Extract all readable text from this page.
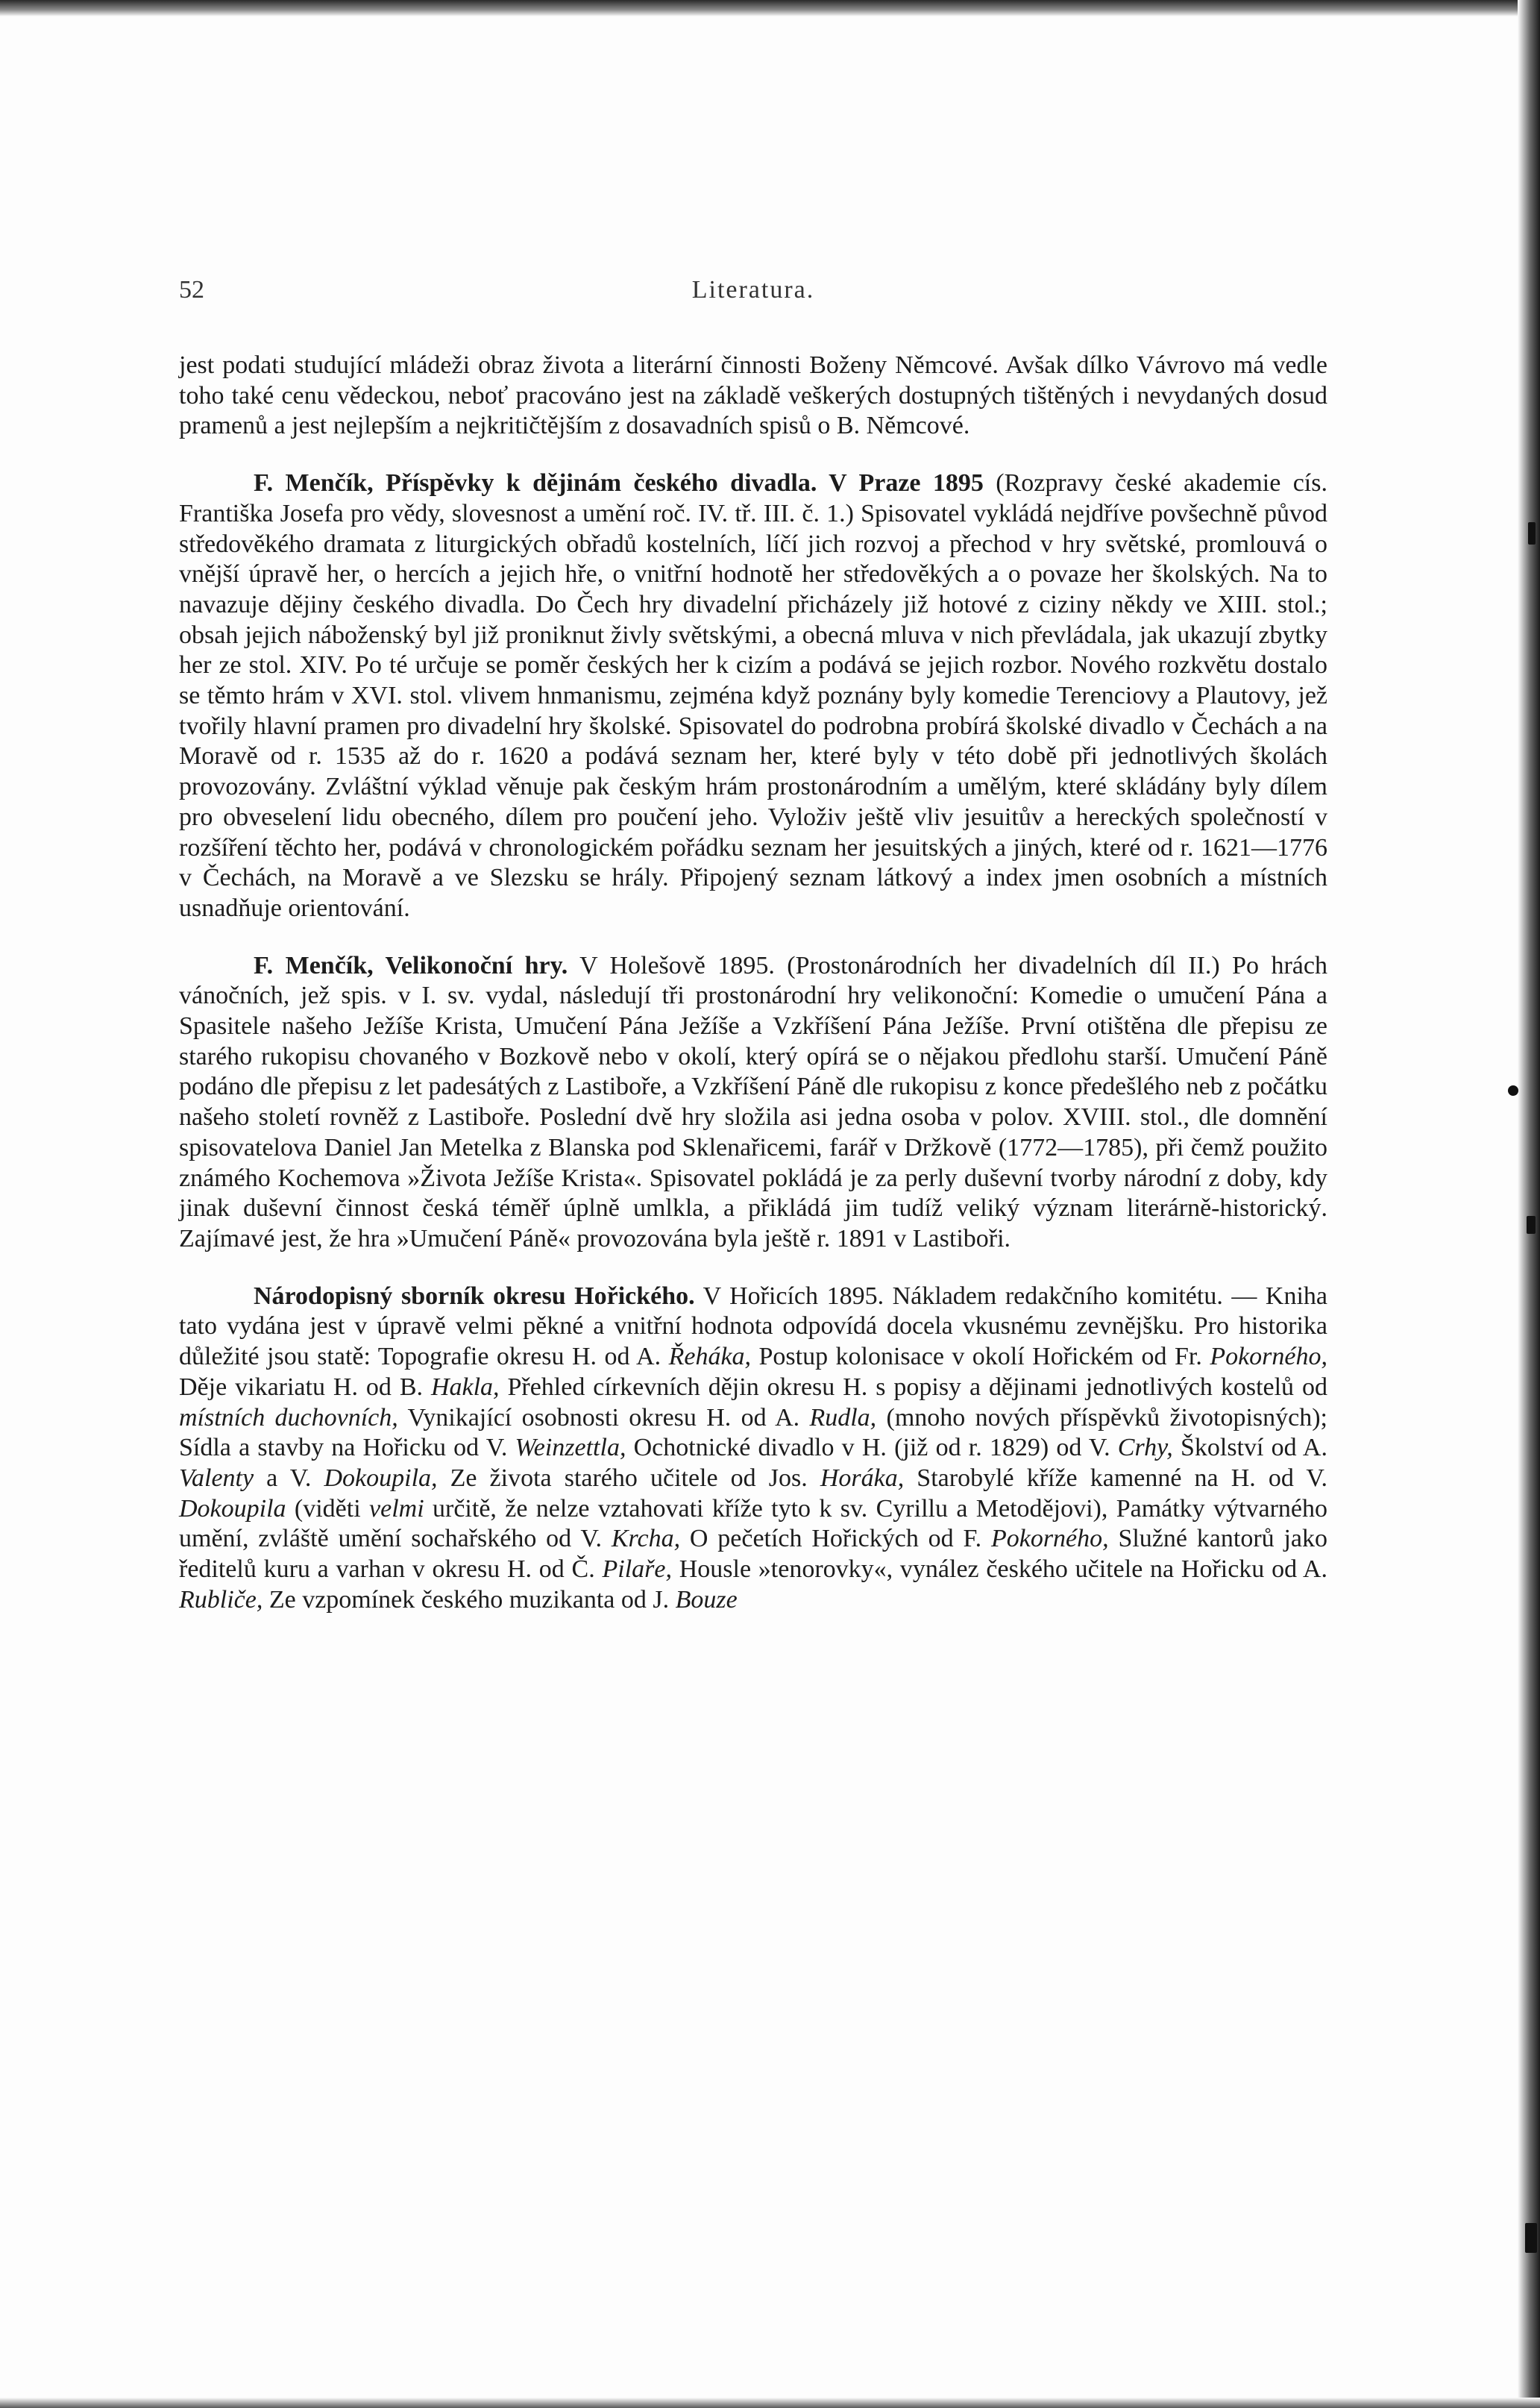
52	Literatura.

jest podati studující mládeži obraz života a literární činnosti Boženy Němcové. Avšak dílko Vávrovo má vedle toho také cenu vědeckou, neboť pracováno jest na základě veškerých dostupných tištěných i nevydaných dosud pramenů a jest nejlepším a nejkritičtějším z dosavadních spisů o B. Němcové.

F. Menčík, Příspěvky k dějinám českého divadla. V Praze 1895 (Rozpravy české akademie cís. Františka Josefa pro vědy, slovesnost a umění roč. IV. tř. III. č. 1.) Spisovatel vykládá nejdříve povšechně původ středověkého dramata z liturgických obřadů kostelních, líčí jich rozvoj a přechod v hry světské, promlouvá o vnější úpravě her, o hercích a jejich hře, o vnitřní hodnotě her středověkých a o povaze her školských. Na to navazuje dějiny českého divadla. Do Čech hry divadelní přicházely již hotové z ciziny někdy ve XIII. stol.; obsah jejich náboženský byl již proniknut živly světskými, a obecná mluva v nich převládala, jak ukazují zbytky her ze stol. XIV. Po té určuje se poměr českých her k cizím a podává se jejich rozbor. Nového rozkvětu dostalo se těmto hrám v XVI. stol. vlivem hnmanismu, zejména když poznány byly komedie Terenciovy a Plautovy, jež tvořily hlavní pramen pro divadelní hry školské. Spisovatel do podrobna probírá školské divadlo v Čechách a na Moravě od r. 1535 až do r. 1620 a podává seznam her, které byly v této době při jednotlivých školách provozovány. Zvláštní výklad věnuje pak českým hrám prostonárodním a umělým, které skládány byly dílem pro obveselení lidu obecného, dílem pro poučení jeho. Vyloživ ještě vliv jesuitův a hereckých společností v rozšíření těchto her, podává v chronologickém pořádku seznam her jesuitských a jiných, které od r. 1621—1776 v Čechách, na Moravě a ve Slezsku se hrály. Připojený seznam látkový a index jmen osobních a místních usnadňuje orientování.

F. Menčík, Velikonoční hry. V Holešově 1895. (Prostonárodních her divadelních díl II.) Po hrách vánočních, jež spis. v I. sv. vydal, následují tři prostonárodní hry velikonoční: Komedie o umučení Pána a Spasitele našeho Ježíše Krista, Umučení Pána Ježíše a Vzkříšení Pána Ježíše. První otištěna dle přepisu ze starého rukopisu chovaného v Bozkově nebo v okolí, který opírá se o nějakou předlohu starší. Umučení Páně podáno dle přepisu z let padesátých z Lastiboře, a Vzkříšení Páně dle rukopisu z konce předešlého neb z počátku našeho století rovněž z Lastiboře. Poslední dvě hry složila asi jedna osoba v polov. XVIII. stol., dle domnění spisovatelova Daniel Jan Metelka z Blanska pod Sklenařicemi, farář v Držkově (1772—1785), při čemž použito známého Kochemova »Života Ježíše Krista«. Spisovatel pokládá je za perly duševní tvorby národní z doby, kdy jinak duševní činnost česká téměř úplně umlkla, a přikládá jim tudíž veliký význam literárně-historický. Zajímavé jest, že hra »Umučení Páně« provozována byla ještě r. 1891 v Lastiboři.

Národopisný sborník okresu Hořického. V Hořicích 1895. Nákladem redakčního komitétu. — Kniha tato vydána jest v úpravě velmi pěkné a vnitřní hodnota odpovídá docela vkusnému zevnějšku. Pro historika důležité jsou statě: Topografie okresu H. od A. Řeháka, Postup kolonisace v okolí Hořickém od Fr. Pokorného, Děje vikariatu H. od B. Hakla, Přehled církevních dějin okresu H. s popisy a dějinami jednotlivých kostelů od místních duchovních, Vynikající osobnosti okresu H. od A. Rudla, (mnoho nových příspěvků životopisných); Sídla a stavby na Hořicku od V. Weinzettla, Ochotnické divadlo v H. (již od r. 1829) od V. Crhy, Školství od A. Valenty a V. Dokoupila, Ze života starého učitele od Jos. Horáka, Starobylé kříže kamenné na H. od V. Dokoupila (viděti velmi určitě, že nelze vztahovati kříže tyto k sv. Cyrillu a Metodějovi), Památky výtvarného umění, zvláště umění sochařského od V. Krcha, O pečetích Hořických od F. Pokorného, Služné kantorů jako ředitelů kuru a varhan v okresu H. od Č. Pilaře, Housle »tenorovky«, vynález českého učitele na Hořicku od A. Rubliče, Ze vzpomínek českého muzikanta od J. Bouze
